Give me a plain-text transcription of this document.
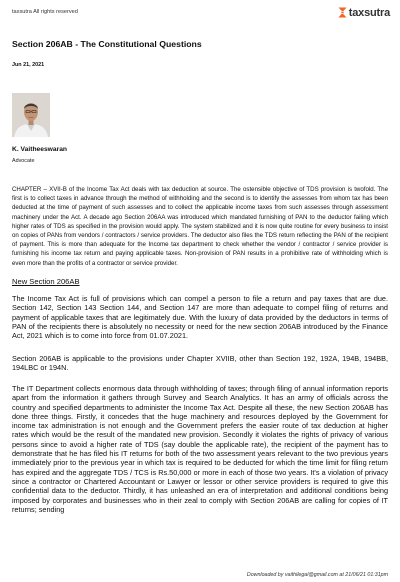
taxsutra All rights reserved	taxsutra
Section 206AB - The Constitutional Questions
Jun 21, 2021
K. Vaitheeswaran
Advocate

CHAPTER – XVII-B of the Income Tax Act deals with tax deduction at source. The ostensible objective of TDS provision is twofold. The first is to collect taxes in advance through the method of withholding and the second is to identify the assesses from whom tax has been deducted at the time of payment of such assesses and to collect the applicable income taxes from such assesses through assessment machinery under the Act. A decade ago Section 206AA was introduced which mandated furnishing of PAN to the deductor failing which higher rates of TDS as specified in the provision would apply. The system stabilized and it is now quite routine for every business to insist on copies of PANs from vendors / contractors / service providers. The deductor also files the TDS return reflecting the PAN of the recipient of payment. This is more than adequate for the Income tax department to check whether the vendor / contractor / service provider is furnishing his income tax return and paying applicable taxes. Non-provision of PAN results in a prohibitive rate of withholding which is even more than the profits of a contractor or service provider.

New Section 206AB

The Income Tax Act is full of provisions which can compel a person to file a return and pay taxes that are due. Section 142, Section 143 Section 144, and Section 147 are more than adequate to compel filing of returns and payment of applicable taxes that are legitimately due. With the luxury of data provided by the deductors in terms of PAN of the recipients there is absolutely no necessity or need for the new section 206AB introduced by the Finance Act, 2021 which is to come into force from 01.07.2021.

Section 206AB is applicable to the provisions under Chapter XVIIB, other than Section 192, 192A, 194B, 194BB, 194LBC or 194N.

The IT Department collects enormous data through withholding of taxes; through filing of annual information reports apart from the information it gathers through Survey and Search Analytics. It has an army of officials across the country and specified departments to administer the Income Tax Act. Despite all these, the new Section 206AB has done three things. Firstly, it concedes that the huge machinery and resources deployed by the Government for income tax administration is not enough and the Government prefers the easier route of tax deduction at higher rates which would be the result of the mandated new provision. Secondly it violates the rights of privacy of various persons since to avoid a higher rate of TDS (say double the applicable rate), the recipient of the payment has to demonstrate that he has filed his IT returns for both of the two assessment years relevant to the two previous years immediately prior to the previous year in which tax is required to be deducted for which the time limit for filing return has expired and the aggregate TDS / TCS is Rs.50,000 or more in each of those two years. It's a violation of privacy since a contractor or Chartered Accountant or Lawyer or lessor or other service providers is required to give this confidential data to the deductor. Thirdly, it has unleashed an era of interpretation and additional conditions being imposed by corporates and businesses who in their zeal to comply with Section 206AB are calling for copies of IT returns; sending

Downloaded by vaithilegal@gmail.com at 21/06/21 01:31pm
